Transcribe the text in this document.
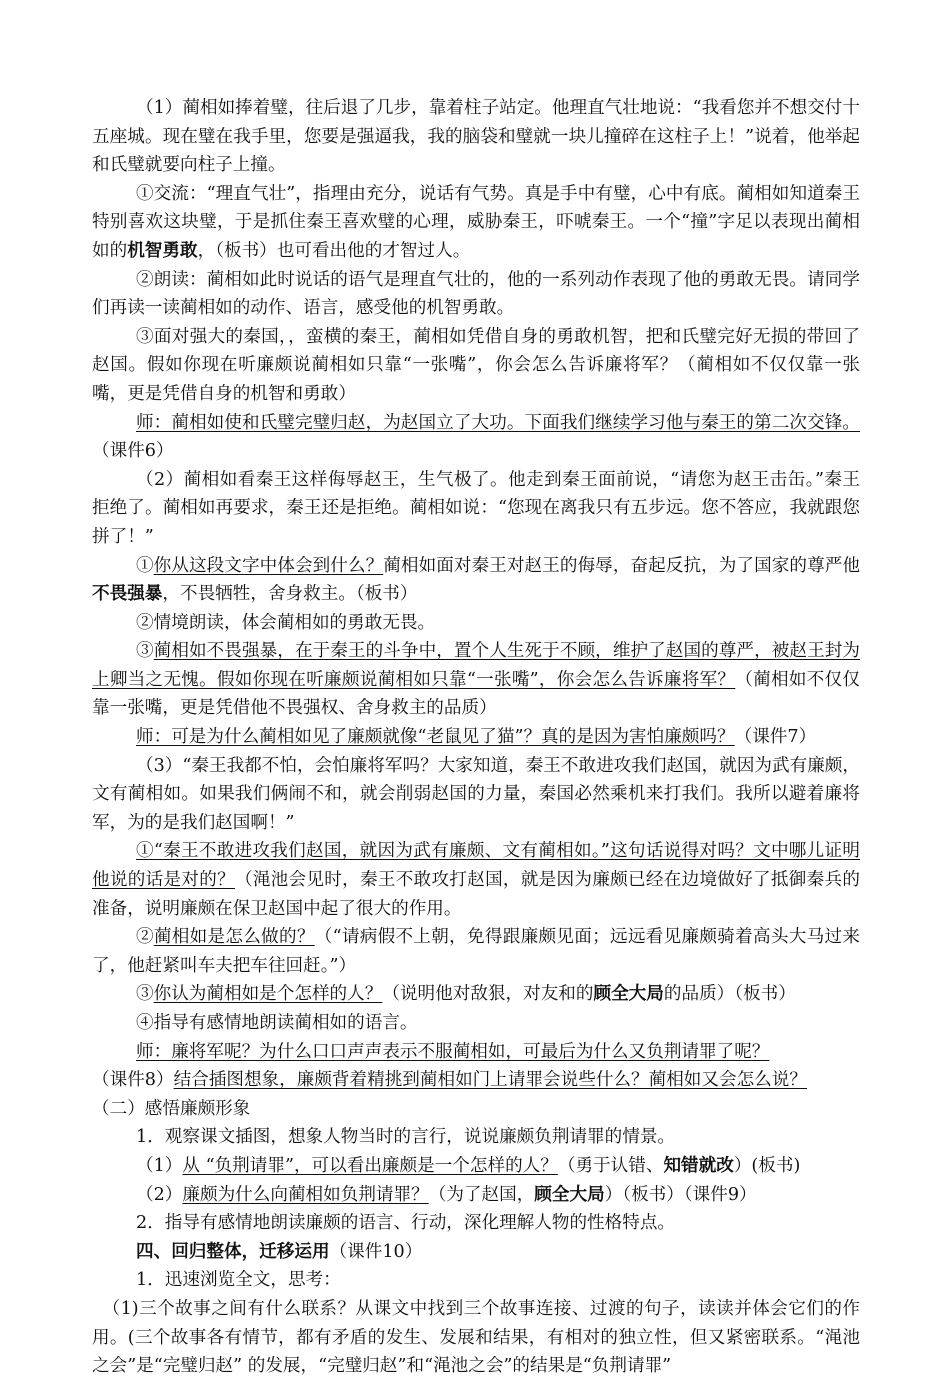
（1）蔺相如捧着璧，往后退了几步，靠着柱子站定。他理直气壮地说：“我看您并不想交付十五座城。现在璧在我手里，您要是强逼我，我的脑袋和璧就一块儿撞碎在这柱子上！”说着，他举起和氏璧就要向柱子上撞。

①交流：“理直气壮”，指理由充分，说话有气势。真是手中有璧，心中有底。蔺相如知道秦王特别喜欢这块璧，于是抓住秦王喜欢璧的心理，威胁秦王，吓唬秦王。一个“撞”字足以表现出蔺相如的机智勇敢，（板书）也可看出他的才智过人。

②朗读：蔺相如此时说话的语气是理直气壮的，他的一系列动作表现了他的勇敢无畏。请同学们再读一读蔺相如的动作、语言，感受他的机智勇敢。

③面对强大的秦国，，蛮横的秦王，蔺相如凭借自身的勇敢机智，把和氏璧完好无损的带回了赵国。假如你现在听廉颇说蔺相如只靠“一张嘴”，你会怎么告诉廉将军？（蔺相如不仅仅靠一张嘴，更是凭借自身的机智和勇敢）

师：蔺相如使和氏璧完璧归赵，为赵国立了大功。下面我们继续学习他与秦王的第二次交锋。（课件6）

（2）蔺相如看秦王这样侮辱赵王，生气极了。他走到秦王面前说，“请您为赵王击缶。”秦王拒绝了。蔺相如再要求，秦王还是拒绝。蔺相如说：“您现在离我只有五步远。您不答应，我就跟您拼了！”

①你从这段文字中体会到什么？蔺相如面对秦王对赵王的侮辱，奋起反抗，为了国家的尊严他不畏强暴，不畏牺牲，舍身救主。（板书）

②情境朗读，体会蔺相如的勇敢无畏。

③蔺相如不畏强暴，在于秦王的斗争中，置个人生死于不顾，维护了赵国的尊严，被赵王封为上卿当之无愧。假如你现在听廉颇说蔺相如只靠“一张嘴”，你会怎么告诉廉将军？（蔺相如不仅仅靠一张嘴，更是凭借他不畏强权、舍身救主的品质）

师：可是为什么蔺相如见了廉颇就像“老鼠见了猫”？真的是因为害怕廉颇吗？（课件7）

（3）“秦王我都不怕，会怕廉将军吗？大家知道，秦王不敢进攻我们赵国，就因为武有廉颇，文有蔺相如。如果我们俩闹不和，就会削弱赵国的力量，秦国必然乘机来打我们。我所以避着廉将军，为的是我们赵国啊！”

①“秦王不敢进攻我们赵国，就因为武有廉颇、文有蔺相如。”这句话说得对吗？文中哪儿证明他说的话是对的？（渑池会见时，秦王不敢攻打赵国，就是因为廉颇已经在边境做好了抵御秦兵的准备，说明廉颇在保卫赵国中起了很大的作用。

②蔺相如是怎么做的？（“请病假不上朝，免得跟廉颇见面；远远看见廉颇骑着高头大马过来了，他赶紧叫车夫把车往回赶。”）

③你认为蔺相如是个怎样的人？（说明他对敌狠，对友和的顾全大局的品质）（板书）

④指导有感情地朗读蔺相如的语言。

师：廉将军呢？为什么口口声声表示不服蔺相如，可最后为什么又负荆请罪了呢？

（课件8）结合插图想象，廉颇背着精挑到蔺相如门上请罪会说些什么？蔺相如又会怎么说？

（二）感悟廉颇形象

1．观察课文插图，想象人物当时的言行，说说廉颇负荆请罪的情景。

（1）从 “负荆请罪”，可以看出廉颇是一个怎样的人？（勇于认错、知错就改）(板书)

（2）廉颇为什么向蔺相如负荆请罪？（为了赵国，顾全大局）（板书）（课件9）

2．指导有感情地朗读廉颇的语言、行动，深化理解人物的性格特点。

四、回归整体，迁移运用（课件10）

1．迅速浏览全文，思考：

（1)三个故事之间有什么联系？从课文中找到三个故事连接、过渡的句子，读读并体会它们的作用。(三个故事各有情节，都有矛盾的发生、发展和结果，有相对的独立性，但又紧密联系。“渑池之会”是“完璧归赵” 的发展，“完璧归赵”和“渑池之会”的结果是“负荆请罪”
